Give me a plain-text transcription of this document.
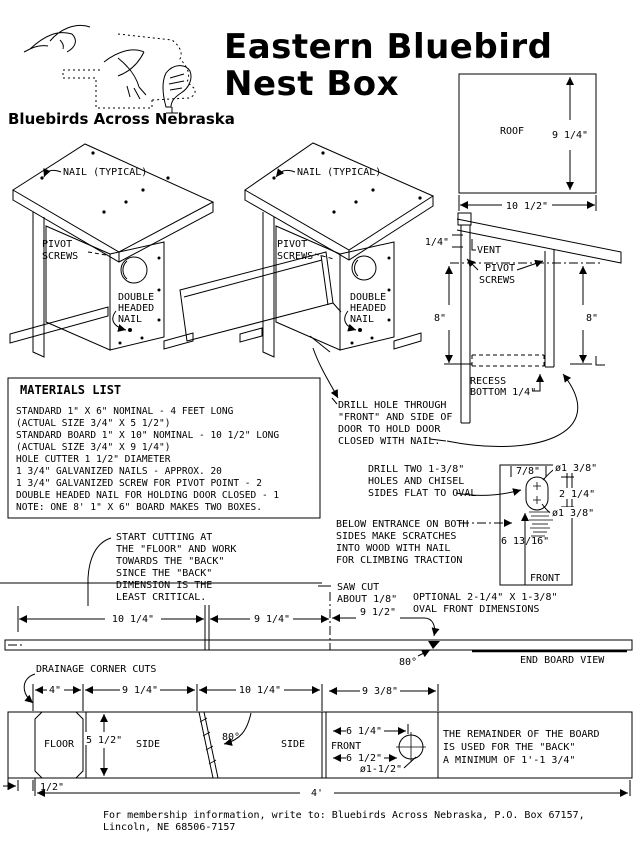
Bluebirds Across Nebraska
Eastern Bluebird
Nest Box
ROOF	9 1/4"
10 1/2"
NAIL (TYPICAL)
PIVOT
SCREWS
DOUBLE
HEADED
NAIL
NAIL (TYPICAL)
PIVOT
SCREWS
DOUBLE
HEADED
NAIL
1/4"
VENT
PIVOT
SCREWS
8"	8"
RECESS
BOTTOM 1/4"
MATERIALS LIST
STANDARD 1" X 6" NOMINAL - 4 FEET LONG
(ACTUAL SIZE 3/4" X 5 1/2")
STANDARD BOARD 1" X 10" NOMINAL - 10 1/2" LONG
(ACTUAL SIZE 3/4" X 9 1/4")
HOLE CUTTER 1 1/2" DIAMETER
1 3/4" GALVANIZED NAILS - APPROX. 20
1 3/4" GALVANIZED SCREW FOR PIVOT POINT - 2
DOUBLE HEADED NAIL FOR HOLDING DOOR CLOSED - 1
NOTE: ONE 8' 1" X 6" BOARD MAKES TWO BOXES.
DRILL HOLE THROUGH
"FRONT" AND SIDE OF
DOOR TO HOLD DOOR
CLOSED WITH NAIL.
DRILL TWO 1-3/8"
HOLES AND CHISEL
SIDES FLAT TO OVAL
BELOW ENTRANCE ON BOTH
SIDES MAKE SCRATCHES
INTO WOOD WITH NAIL
FOR CLIMBING TRACTION
7/8" ø1 3/8"
2 1/4"
ø1 3/8"
6 13/16"
FRONT
OPTIONAL 2-1/4" X 1-3/8"
OVAL FRONT DIMENSIONS
START CUTTING AT
THE "FLOOR" AND WORK
TOWARDS THE "BACK"
SINCE THE "BACK"
DIMENSION IS THE
LEAST CRITICAL.
SAW CUT
ABOUT 1/8"
10 1/4"	9 1/4"
9 1/2"
80°	END BOARD VIEW
DRAINAGE CORNER CUTS
4"	9 1/4"	10 1/4"	9 3/8"
FLOOR 5 1/2" SIDE
80°
SIDE
6 1/4"
FRONT
6 1/2"
ø1-1/2"
THE REMAINDER OF THE BOARD
IS USED FOR THE "BACK"
A MINIMUM OF 1'-1 3/4"
1/2"
4'
For membership information, write to: Bluebirds Across Nebraska, P.O. Box 67157,
Lincoln, NE 68506-7157
